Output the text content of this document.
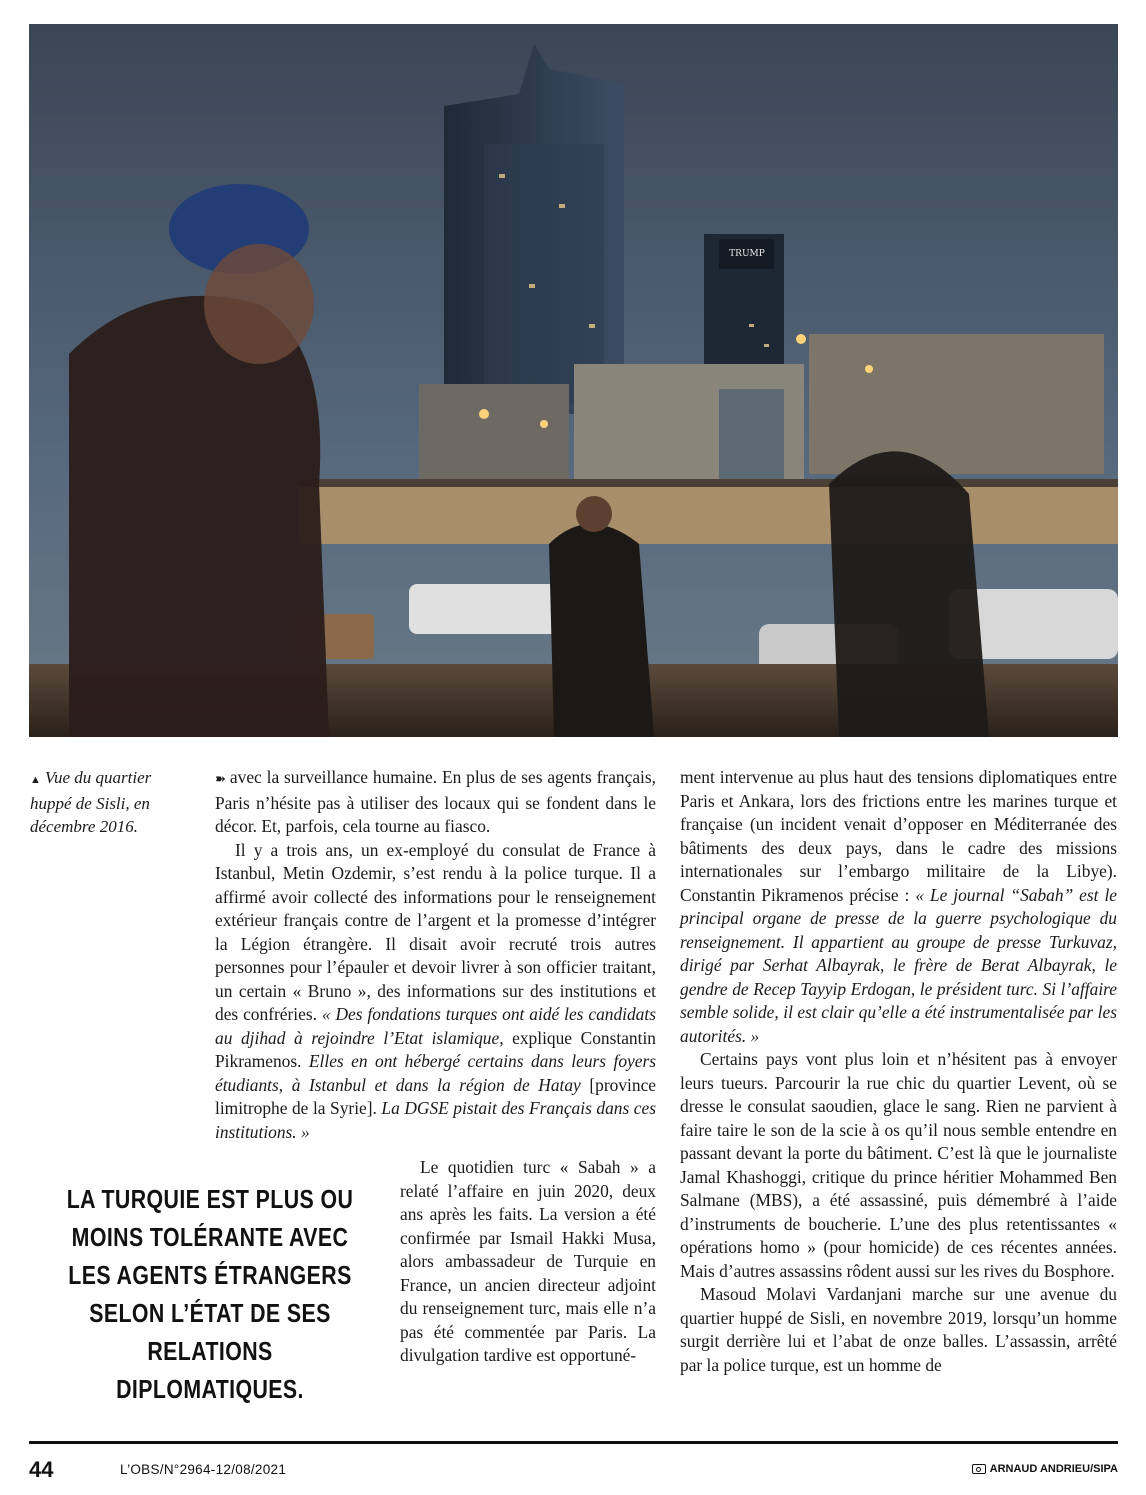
TRUMP
▲ Vue du quartier huppé de Sisli, en décembre 2016.

➽ avec la surveillance humaine. En plus de ses agents français, Paris n’hésite pas à utiliser des locaux qui se fondent dans le décor. Et, parfois, cela tourne au fiasco.

Il y a trois ans, un ex-employé du consulat de France à Istanbul, Metin Ozdemir, s’est rendu à la police turque. Il a affirmé avoir collecté des informations pour le renseignement extérieur français contre de l’argent et la promesse d’intégrer la Légion étrangère. Il disait avoir recruté trois autres personnes pour l’épauler et devoir livrer à son officier traitant, un certain « Bruno », des informations sur des institutions et des confréries. « Des fondations turques ont aidé les candidats au djihad à rejoindre l’Etat islamique, explique Constantin Pikramenos. Elles en ont hébergé certains dans leurs foyers étudiants, à Istanbul et dans la région de Hatay [province limitrophe de la Syrie]. La DGSE pistait des Français dans ces institutions. »

Le quotidien turc « Sabah » a relaté l’affaire en juin 2020, deux ans après les faits. La version a été confirmée par Ismail Hakki Musa, alors ambassadeur de Turquie en France, un ancien directeur adjoint du renseignement turc, mais elle n’a pas été commentée par Paris. La divulgation tardive est opportuné-

LA TURQUIE EST PLUS OU MOINS TOLÉRANTE AVEC LES AGENTS ÉTRANGERS SELON L’ÉTAT DE SES RELATIONS DIPLOMATIQUES.

ment intervenue au plus haut des tensions diplomatiques entre Paris et Ankara, lors des frictions entre les marines turque et française (un incident venait d’opposer en Méditerranée des bâtiments des deux pays, dans le cadre des missions internationales sur l’embargo militaire de la Libye). Constantin Pikramenos précise : « Le journal “Sabah” est le principal organe de presse de la guerre psychologique du renseignement. Il appartient au groupe de presse Turkuvaz, dirigé par Serhat Albayrak, le frère de Berat Albayrak, le gendre de Recep Tayyip Erdogan, le président turc. Si l’affaire semble solide, il est clair qu’elle a été instrumentalisée par les autorités. »

Certains pays vont plus loin et n’hésitent pas à envoyer leurs tueurs. Parcourir la rue chic du quartier Levent, où se dresse le consulat saoudien, glace le sang. Rien ne parvient à faire taire le son de la scie à os qu’il nous semble entendre en passant devant la porte du bâtiment. C’est là que le journaliste Jamal Khashoggi, critique du prince héritier Mohammed Ben Salmane (MBS), a été assassiné, puis démembré à l’aide d’instruments de boucherie. L’une des plus retentissantes « opérations homo » (pour homicide) de ces récentes années. Mais d’autres assassins rôdent aussi sur les rives du Bosphore.

Masoud Molavi Vardanjani marche sur une avenue du quartier huppé de Sisli, en novembre 2019, lorsqu’un homme surgit derrière lui et l’abat de onze balles. L’assassin, arrêté par la police turque, est un homme de

44	L’OBS/N°2964-12/08/2021	ARNAUD ANDRIEU/SIPA
